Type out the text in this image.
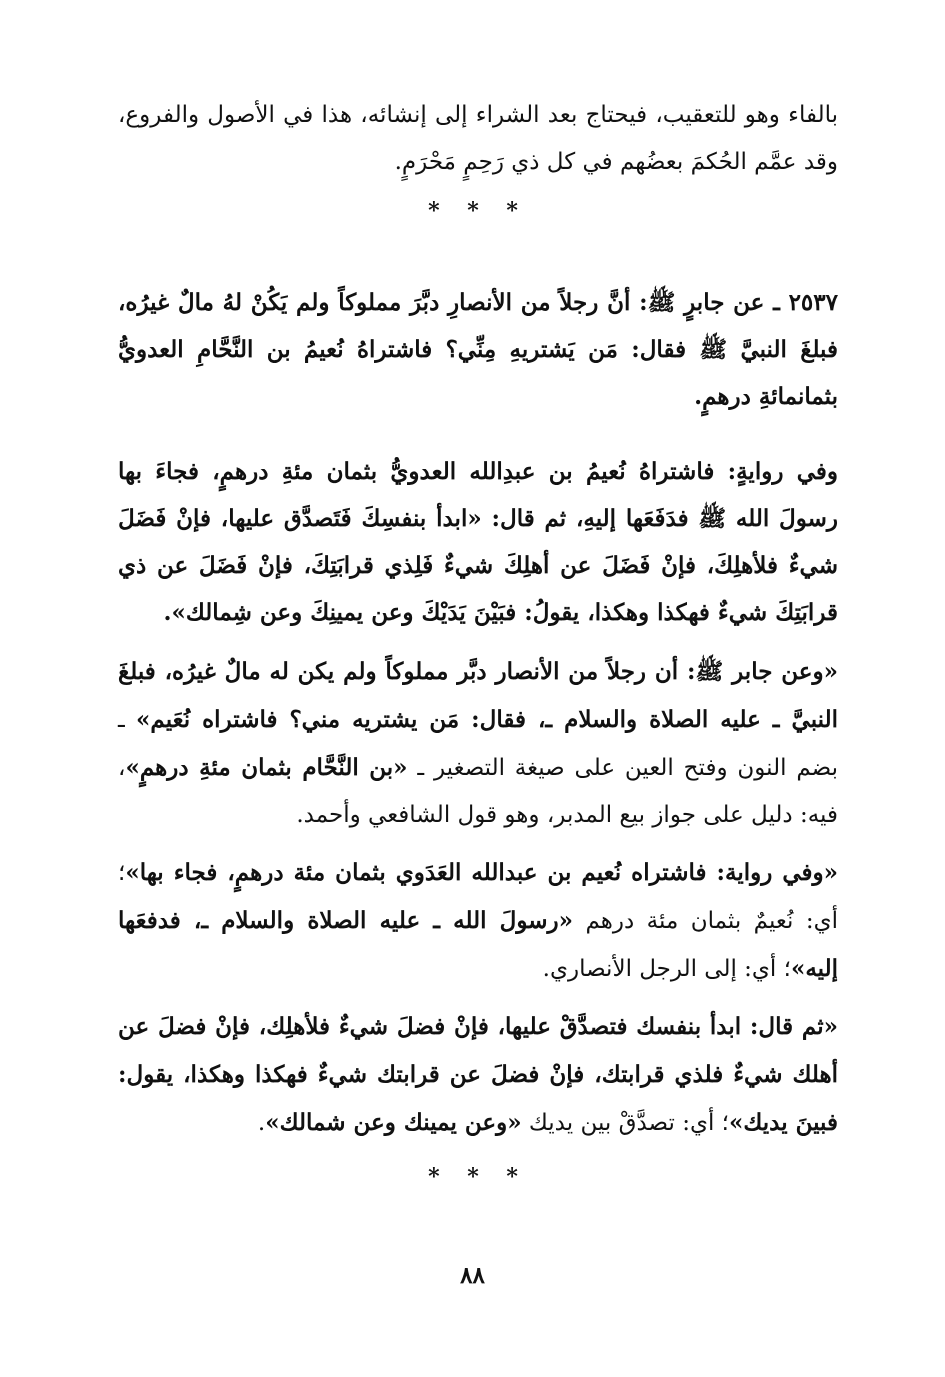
بالفاء وهو للتعقيب، فيحتاج بعد الشراء إلى إنشائه، هذا في الأصول والفروع، وقد عمَّم الحُكمَ بعضُهم في كل ذي رَحِمٍ مَحْرَمٍ.

* * *

٢٥٣٧ ـ عن جابرٍ ﷺ: أنَّ رجلاً من الأنصارِ دبَّرَ مملوكاً ولم يَكُنْ لهُ مالٌ غيرُه، فبلغَ النبيَّ ﷺ فقال: مَن يَشتريهِ مِنِّي؟ فاشتراهُ نُعيمُ بن النَّحَّامِ العدويُّ بثمانمائةِ درهمٍ.

وفي روايةٍ: فاشتراهُ نُعيمُ بن عبدِالله العدويُّ بثمان مئةِ درهمٍ، فجاءَ بها رسولَ الله ﷺ فدَفَعَها إليهِ، ثم قال: «ابدأ بنفسِكَ فَتَصدَّق عليها، فإنْ فَضَلَ شيءٌ فلأهلِكَ، فإنْ فَضَلَ عن أهلِكَ شيءٌ فَلِذي قرابَتِكَ، فإنْ فَضَلَ عن ذي قرابَتِكَ شيءٌ فهكذا وهكذا، يقولُ: فبَيْنَ يَدَيْكَ وعن يمينِكَ وعن شِمالك».

«وعن جابر ﷺ: أن رجلاً من الأنصار دبَّر مملوكاً ولم يكن له مالٌ غيرُه، فبلغَ النبيَّ ـ عليه الصلاة والسلام ـ، فقال: مَن يشتريه مني؟ فاشتراه نُعَيم» ـ بضم النون وفتح العين على صيغة التصغير ـ «بن النَّحَّام بثمان مئةِ درهمٍ»، فيه: دليل على جواز بيع المدبر، وهو قول الشافعي وأحمد.

«وفي رواية: فاشتراه نُعيم بن عبدالله العَدَوي بثمان مئة درهمٍ، فجاء بها»؛ أي: نُعيمٌ بثمان مئة درهم «رسولَ الله ـ عليه الصلاة والسلام ـ، فدفعَها إليه»؛ أي: إلى الرجل الأنصاري.

«ثم قال: ابدأ بنفسك فتصدَّقْ عليها، فإنْ فضلَ شيءٌ فلأهلِك، فإنْ فضلَ عن أهلك شيءٌ فلذي قرابتك، فإنْ فضلَ عن قرابتك شيءٌ فهكذا وهكذا، يقول: فبينَ يديك»؛ أي: تصدَّقْ بين يديك «وعن يمينك وعن شمالك».

* * *
٨٨
